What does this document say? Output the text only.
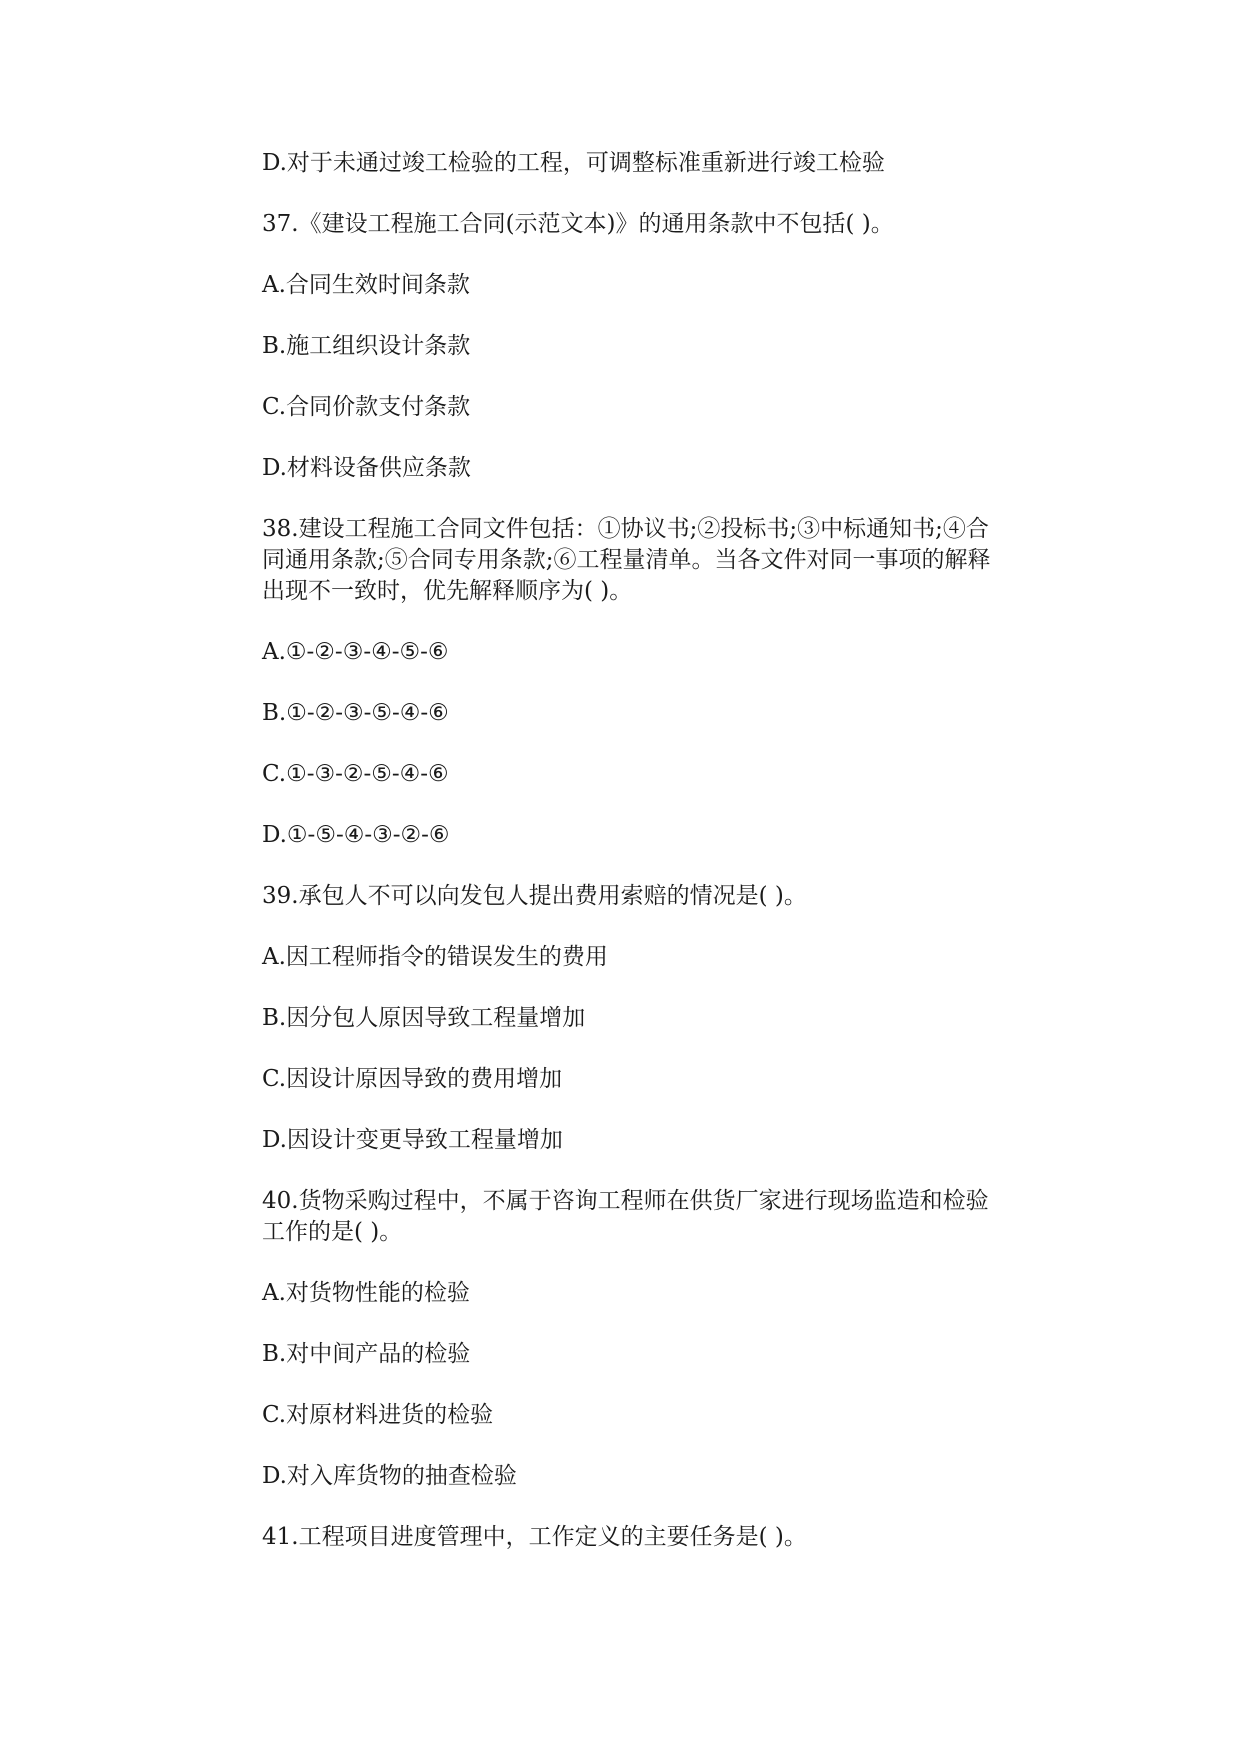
D.对于未通过竣工检验的工程，可调整标准重新进行竣工检验

37.《建设工程施工合同(示范文本)》的通用条款中不包括( )。

A.合同生效时间条款

B.施工组织设计条款

C.合同价款支付条款

D.材料设备供应条款

38.建设工程施工合同文件包括：①协议书;②投标书;③中标通知书;④合

同通用条款;⑤合同专用条款;⑥工程量清单。当各文件对同一事项的解释

出现不一致时，优先解释顺序为( )。

A.①-②-③-④-⑤-⑥

B.①-②-③-⑤-④-⑥

C.①-③-②-⑤-④-⑥

D.①-⑤-④-③-②-⑥

39.承包人不可以向发包人提出费用索赔的情况是( )。

A.因工程师指令的错误发生的费用

B.因分包人原因导致工程量增加

C.因设计原因导致的费用增加

D.因设计变更导致工程量增加

40.货物采购过程中，不属于咨询工程师在供货厂家进行现场监造和检验

工作的是( )。

A.对货物性能的检验

B.对中间产品的检验

C.对原材料进货的检验

D.对入库货物的抽查检验

41.工程项目进度管理中，工作定义的主要任务是( )。
